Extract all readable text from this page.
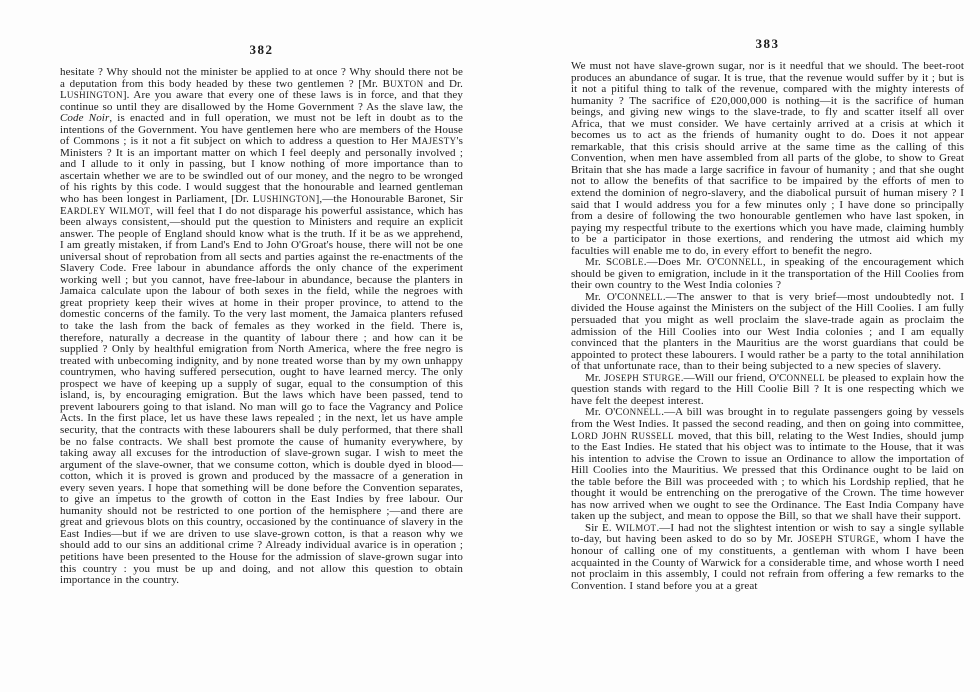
382

hesitate ? Why should not the minister be applied to at once ? Why should there not be a deputation from this body headed by these two gentlemen ? [Mr. BUXTON and Dr. LUSHINGTON]. Are you aware that every one of these laws is in force, and that they continue so until they are disallowed by the Home Government ? As the slave law, the Code Noir, is enacted and in full operation, we must not be left in doubt as to the intentions of the Government. You have gentlemen here who are members of the House of Commons ; is it not a fit subject on which to address a question to Her MAJESTY's Ministers ? It is an important matter on which I feel deeply and personally involved ; and I allude to it only in passing, but I know nothing of more importance than to ascertain whether we are to be swindled out of our money, and the negro to be wronged of his rights by this code. I would suggest that the honourable and learned gentleman who has been longest in Parliament, [Dr. LUSHINGTON],—the Honourable Baronet, Sir EARDLEY WILMOT, will feel that I do not disparage his powerful assistance, which has been always consistent,—should put the question to Ministers and require an explicit answer. The people of England should know what is the truth. If it be as we apprehend, I am greatly mistaken, if from Land's End to John O'Groat's house, there will not be one universal shout of reprobation from all sects and parties against the re-enactments of the Slavery Code. Free labour in abundance affords the only chance of the experiment working well ; but you cannot, have free-labour in abundance, because the planters in Jamaica calculate upon the labour of both sexes in the field, while the negroes with great propriety keep their wives at home in their proper province, to attend to the domestic concerns of the family. To the very last moment, the Jamaica planters refused to take the lash from the back of females as they worked in the field. There is, therefore, naturally a decrease in the quantity of labour there ; and how can it be supplied ? Only by healthful emigration from North America, where the free negro is treated with unbecoming indignity, and by none treated worse than by my own unhappy countrymen, who having suffered persecution, ought to have learned mercy. The only prospect we have of keeping up a supply of sugar, equal to the consumption of this island, is, by encouraging emigration. But the laws which have been passed, tend to prevent labourers going to that island. No man will go to face the Vagrancy and Police Acts. In the first place, let us have these laws repealed ; in the next, let us have ample security, that the contracts with these labourers shall be duly performed, that there shall be no false contracts. We shall best promote the cause of humanity everywhere, by taking away all excuses for the introduction of slave-grown sugar. I wish to meet the argument of the slave-owner, that we consume cotton, which is double dyed in blood—cotton, which it is proved is grown and produced by the massacre of a generation in every seven years. I hope that something will be done before the Convention separates, to give an impetus to the growth of cotton in the East Indies by free labour. Our humanity should not be restricted to one portion of the hemisphere ;—and there are great and grievous blots on this country, occasioned by the continuance of slavery in the East Indies—but if we are driven to use slave-grown cotton, is that a reason why we should add to our sins an additional crime ? Already individual avarice is in operation ; petitions have been presented to the House for the admission of slave-grown sugar into this country : you must be up and doing, and not allow this question to obtain importance in the country.

383

We must not have slave-grown sugar, nor is it needful that we should. The beet-root produces an abundance of sugar. It is true, that the revenue would suffer by it ; but is it not a pitiful thing to talk of the revenue, compared with the mighty interests of humanity ? The sacrifice of £20,000,000 is nothing—it is the sacrifice of human beings, and giving new wings to the slave-trade, to fly and scatter itself all over Africa, that we must consider. We have certainly arrived at a crisis at which it becomes us to act as the friends of humanity ought to do. Does it not appear remarkable, that this crisis should arrive at the same time as the calling of this Convention, when men have assembled from all parts of the globe, to show to Great Britain that she has made a large sacrifice in favour of humanity ; and that she ought not to allow the benefits of that sacrifice to be impaired by the efforts of men to extend the dominion of negro-slavery, and the diabolical pursuit of human misery ? I said that I would address you for a few minutes only ; I have done so principally from a desire of following the two honourable gentlemen who have last spoken, in paying my respectful tribute to the exertions which you have made, claiming humbly to be a participator in those exertions, and rendering the utmost aid which my faculties will enable me to do, in every effort to benefit the negro.

Mr. SCOBLE.—Does Mr. O'CONNELL, in speaking of the encouragement which should be given to emigration, include in it the transportation of the Hill Coolies from their own country to the West India colonies ?

Mr. O'CONNELL.—The answer to that is very brief—most undoubtedly not. I divided the House against the Ministers on the subject of the Hill Coolies. I am fully persuaded that you might as well proclaim the slave-trade again as proclaim the admission of the Hill Coolies into our West India colonies ; and I am equally convinced that the planters in the Mauritius are the worst guardians that could be appointed to protect these labourers. I would rather be a party to the total annihilation of that unfortunate race, than to their being subjected to a new species of slavery.

Mr. JOSEPH STURGE.—Will our friend, O'CONNELL be pleased to explain how the question stands with regard to the Hill Coolie Bill ? It is one respecting which we have felt the deepest interest.

Mr. O'CONNELL.—A bill was brought in to regulate passengers going by vessels from the West Indies. It passed the second reading, and then on going into committee, LORD JOHN RUSSELL moved, that this bill, relating to the West Indies, should jump to the East Indies. He stated that his object was to intimate to the House, that it was his intention to advise the Crown to issue an Ordinance to allow the importation of Hill Coolies into the Mauritius. We pressed that this Ordinance ought to be laid on the table before the Bill was proceeded with ; to which his Lordship replied, that he thought it would be entrenching on the prerogative of the Crown. The time however has now arrived when we ought to see the Ordinance. The East India Company have taken up the subject, and mean to oppose the Bill, so that we shall have their support.

Sir E. WILMOT.—I had not the slightest intention or wish to say a single syllable to-day, but having been asked to do so by Mr. JOSEPH STURGE, whom I have the honour of calling one of my constituents, a gentleman with whom I have been acquainted in the County of Warwick for a considerable time, and whose worth I need not proclaim in this assembly, I could not refrain from offering a few remarks to the Convention. I stand before you at a great
